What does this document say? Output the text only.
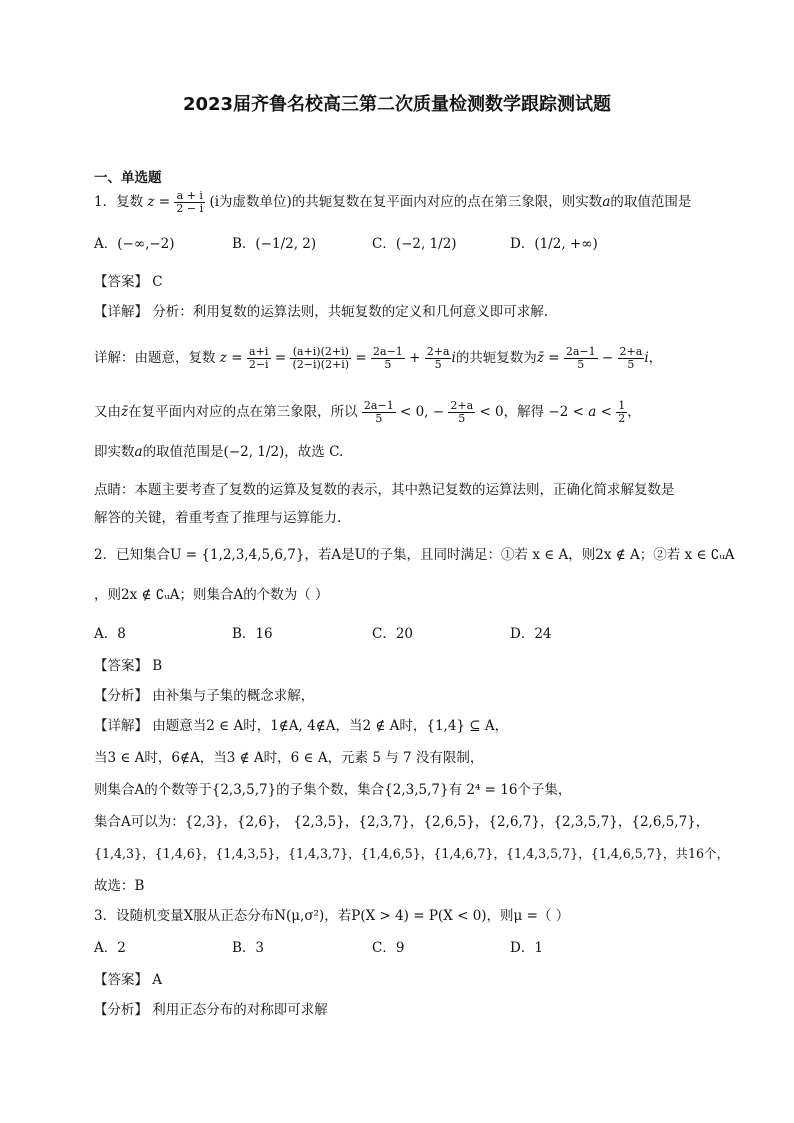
2023届齐鲁名校高三第二次质量检测数学跟踪测试题
一、单选题
1．复数 $z = \frac{a + i}{2 - i} (i$为虚数单位)的共轭复数在复平面内对应的点在第三象限，则实数a的取值范围是
A．(−∞,−2)	B．(−1/2, 2)	C．(−2, 1/2)	D．(1/2, +∞)
【答案】 C
【详解】 分析：利用复数的运算法则，共轭复数的定义和几何意义即可求解.
详解：由题意，复数 $z = \frac{a+i}{2-i} = \frac{(a+i)(2+i)}{(2-i)(2+i)} = \frac{2a-1}{5} + \frac{2+a}{5}$ i的共轭复数为z̄ = $\frac{2a-1}{5} - \frac{2+a}{5}$ i，
又由z̄在复平面内对应的点在第三象限，所以 $\frac{2a-1}{5} < 0$, − $\frac{2+a}{5} < 0$，解得 $-2 < a < \frac{1}{2}$ ，
即实数a的取值范围是(−2, 1/2)，故选 C.
点睛：本题主要考查了复数的运算及复数的表示，其中熟记复数的运算法则，正确化简求解复数是
解答的关键，着重考查了推理与运算能力.
2．已知集合U = {1,2,3,4,5,6,7}，若A是U的子集，且同时满足：①若 x ∈ A，则2x ∉ A；②若 x ∈ ∁ᵤA
，则2x ∉ ∁ᵤA；则集合A的个数为（ ）
A．8	B．16	C．20	D．24
【答案】 B
【分析】 由补集与子集的概念求解，
【详解】 由题意当2 ∈ A时，1∉A, 4∉A，当2 ∉ A时，{1,4} ⊆ A，
当3 ∈ A时，6∉A，当3 ∉ A时，6 ∈ A，元素 5 与 7 没有限制，
则集合A的个数等于{2,3,5,7}的子集个数，集合{2,3,5,7}有 2⁴ = 16个子集，
集合A可以为：{2,3}，{2,6}， {2,3,5}，{2,3,7}，{2,6,5}，{2,6,7}，{2,3,5,7}，{2,6,5,7}，
{1,4,3}，{1,4,6}，{1,4,3,5}，{1,4,3,7}，{1,4,6,5}，{1,4,6,7}，{1,4,3,5,7}，{1,4,6,5,7}，共16个，
故选：B
3．设随机变量X服从正态分布N(μ,σ²)，若P(X > 4) = P(X < 0)，则μ =（ ）
A．2	B．3	C．9	D．1
【答案】 A
【分析】 利用正态分布的对称即可求解
